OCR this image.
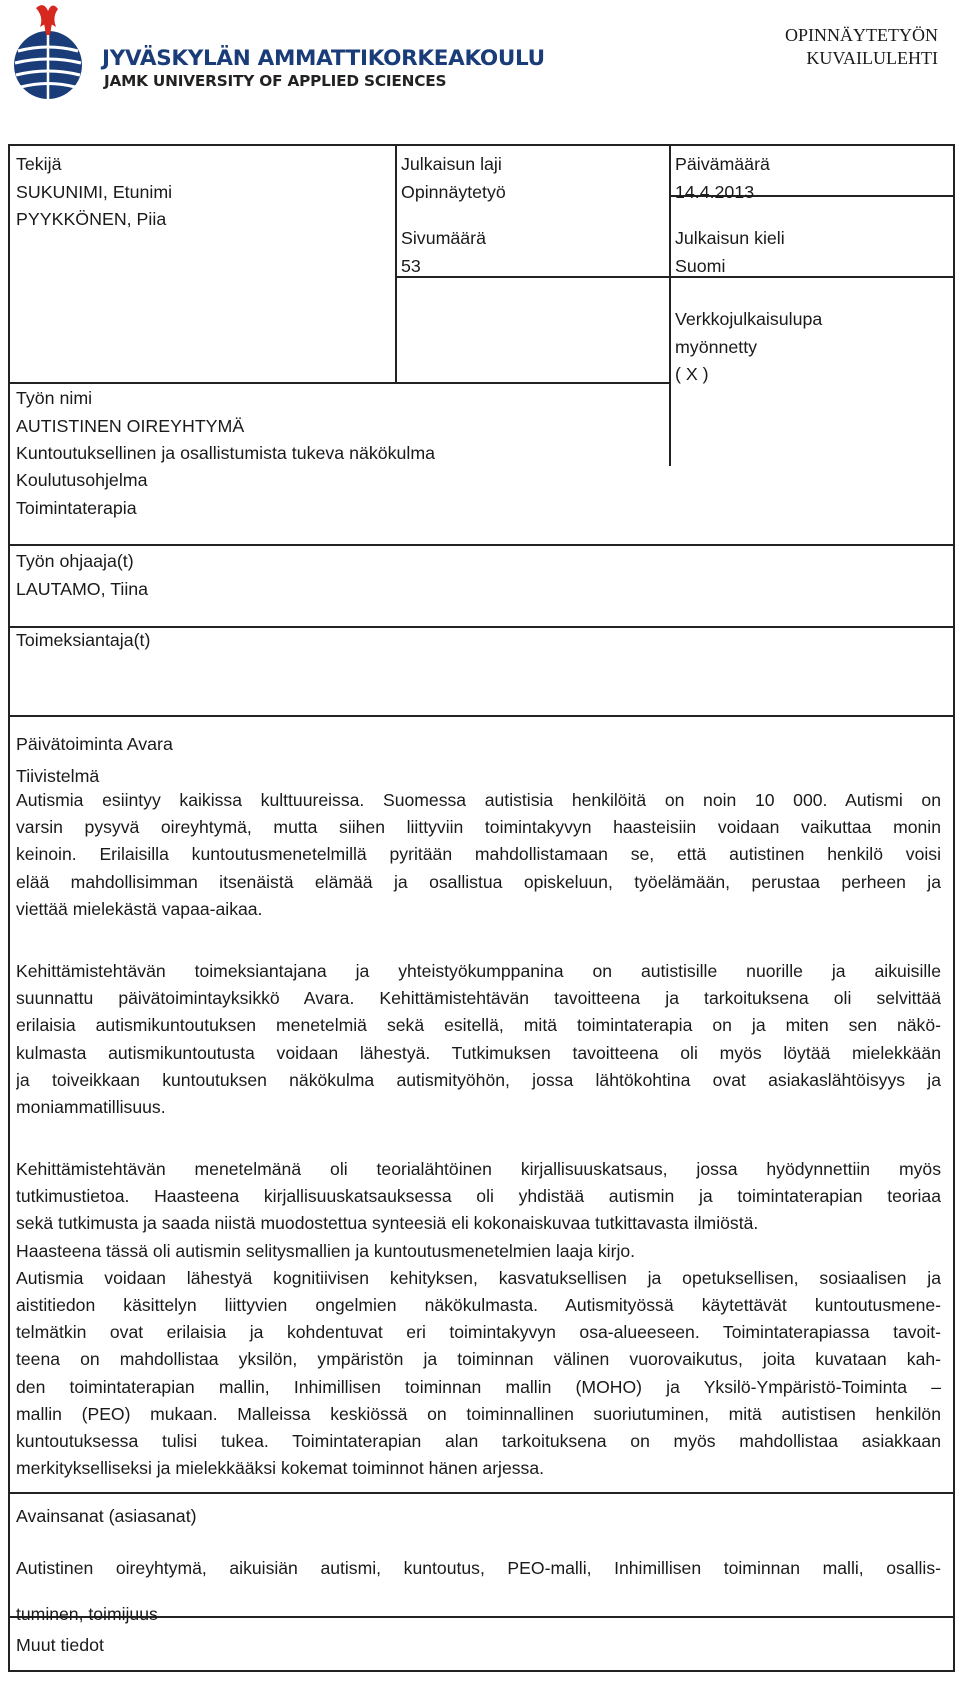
JYVÄSKYLÄN AMMATTIKORKEAKOULU
JAMK UNIVERSITY OF APPLIED SCIENCES
OPINNÄYTETYÖN
KUVAILULEHTI
Tekijä
SUKUNIMI, Etunimi
PYYKKÖNEN, Piia
Julkaisun laji
Opinnäytetyö
Päivämäärä
14.4.2013
Sivumäärä
53
Julkaisun kieli
Suomi
Verkkojulkaisulupa
myönnetty
( X )
Työn nimi
AUTISTINEN OIREYHTYMÄ
Kuntoutuksellinen ja osallistumista tukeva näkökulma
Koulutusohjelma
Toimintaterapia
Työn ohjaaja(t)
LAUTAMO, Tiina
Toimeksiantaja(t)
Päivätoiminta Avara
Tiivistelmä
Autismia esiintyy kaikissa kulttuureissa. Suomessa autistisia henkilöitä on noin 10 000. Autismi on
varsin pysyvä oireyhtymä, mutta siihen liittyviin toimintakyvyn haasteisiin voidaan vaikuttaa monin
keinoin. Erilaisilla kuntoutusmenetelmillä pyritään mahdollistamaan se, että autistinen henkilö voisi
elää mahdollisimman itsenäistä elämää ja osallistua opiskeluun, työelämään, perustaa perheen ja
viettää mielekästä vapaa-aikaa.
Kehittämistehtävän toimeksiantajana ja yhteistyökumppanina on autistisille nuorille ja aikuisille
suunnattu päivätoimintayksikkö Avara. Kehittämistehtävän tavoitteena ja tarkoituksena oli selvittää
erilaisia autismikuntoutuksen menetelmiä sekä esitellä, mitä toimintaterapia on ja miten sen näkö-
kulmasta autismikuntoutusta voidaan lähestyä. Tutkimuksen tavoitteena oli myös löytää mielekkään
ja toiveikkaan kuntoutuksen näkökulma autismityöhön, jossa lähtökohtina ovat asiakaslähtöisyys ja
moniammatillisuus.
Kehittämistehtävän menetelmänä oli teorialähtöinen kirjallisuuskatsaus, jossa hyödynnettiin myös
tutkimustietoa. Haasteena kirjallisuuskatsauksessa oli yhdistää autismin ja toimintaterapian teoriaa
sekä tutkimusta ja saada niistä muodostettua synteesiä eli kokonaiskuvaa tutkittavasta ilmiöstä.
Haasteena tässä oli autismin selitysmallien ja kuntoutusmenetelmien laaja kirjo.
Autismia voidaan lähestyä kognitiivisen kehityksen, kasvatuksellisen ja opetuksellisen, sosiaalisen ja
aistitiedon käsittelyn liittyvien ongelmien näkökulmasta. Autismityössä käytettävät kuntoutusmene-
telmätkin ovat erilaisia ja kohdentuvat eri toimintakyvyn osa-alueeseen. Toimintaterapiassa tavoit-
teena on mahdollistaa yksilön, ympäristön ja toiminnan välinen vuorovaikutus, joita kuvataan kah-
den toimintaterapian mallin, Inhimillisen toiminnan mallin (MOHO) ja Yksilö-Ympäristö-Toiminta –
mallin (PEO) mukaan. Malleissa keskiössä on toiminnallinen suoriutuminen, mitä autistisen henkilön
kuntoutuksessa tulisi tukea. Toimintaterapian alan tarkoituksena on myös mahdollistaa asiakkaan
merkitykselliseksi ja mielekkääksi kokemat toiminnot hänen arjessa.
Avainsanat (asiasanat)
Autistinen oireyhtymä, aikuisiän autismi, kuntoutus, PEO-malli, Inhimillisen toiminnan malli, osallis-
tuminen, toimijuus
Muut tiedot
